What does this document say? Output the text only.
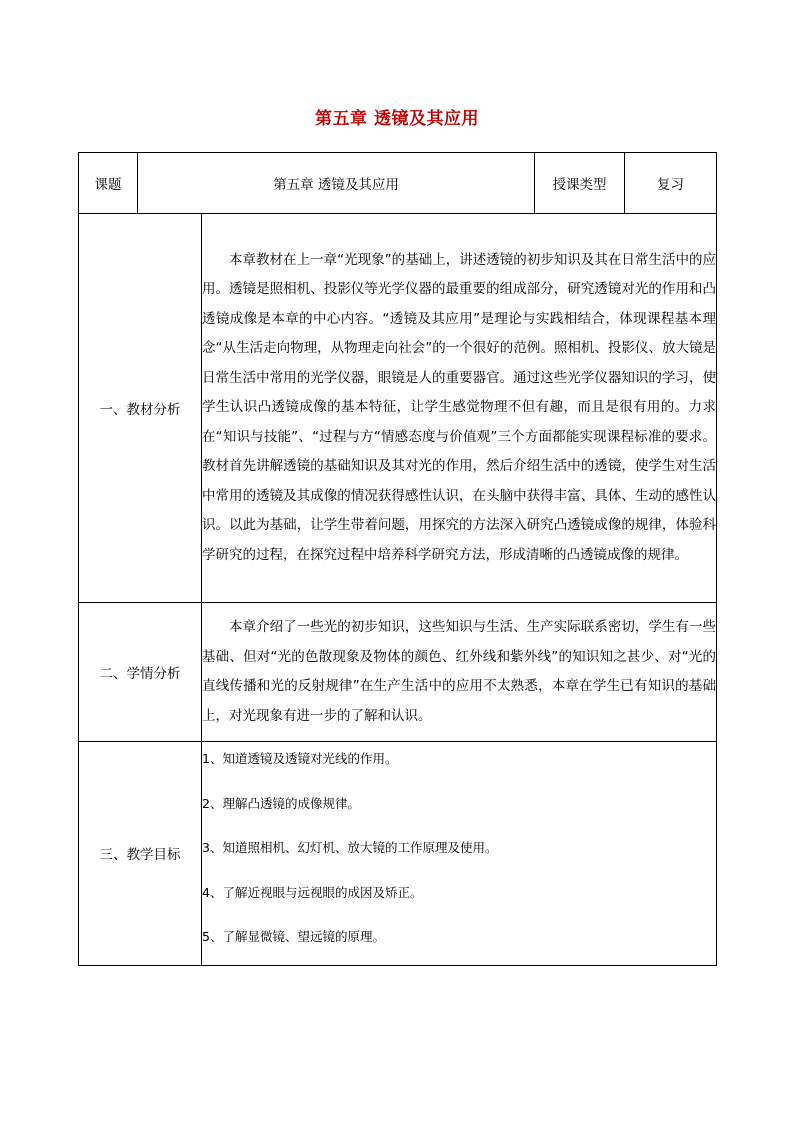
第五章 透镜及其应用
课题	第五章 透镜及其应用		授课类型	复习
一、教材分析		本章教材在上一章“光现象”的基础上，讲述透镜的初步知识及其在日常生活中的应用。透镜是照相机、投影仪等光学仪器的最重要的组成部分，研究透镜对光的作用和凸透镜成像是本章的中心内容。“透镜及其应用”是理论与实践相结合，体现课程基本理念“从生活走向物理，从物理走向社会”的一个很好的范例。照相机、投影仪、放大镜是日常生活中常用的光学仪器，眼镜是人的重要器官。通过这些光学仪器知识的学习，使学生认识凸透镜成像的基本特征，让学生感觉物理不但有趣，而且是很有用的。力求在“知识与技能”、“过程与方“情感态度与价值观”三个方面都能实现课程标准的要求。教材首先讲解透镜的基础知识及其对光的作用，然后介绍生活中的透镜，使学生对生活中常用的透镜及其成像的情况获得感性认识，在头脑中获得丰富、具体、生动的感性认识。以此为基础，让学生带着问题，用探究的方法深入研究凸透镜成像的规律，体验科学研究的过程，在探究过程中培养科学研究方法，形成清晰的凸透镜成像的规律。		

二、学情分析		本章介绍了一些光的初步知识，这些知识与生活、生产实际联系密切，学生有一些基础、但对“光的色散现象及物体的颜色、红外线和紫外线”的知识知之甚少、对“光的直线传播和光的反射规律”在生产生活中的应用不太熟悉，本章在学生已有知识的基础上，对光现象有进一步的了解和认识。		

三、教学目标		1、知道透镜及透镜对光线的作用。
2、理解凸透镜的成像规律。
3、知道照相机、幻灯机、放大镜的工作原理及使用。
4、了解近视眼与远视眼的成因及矫正。
5、了解显微镜、望远镜的原理。		
